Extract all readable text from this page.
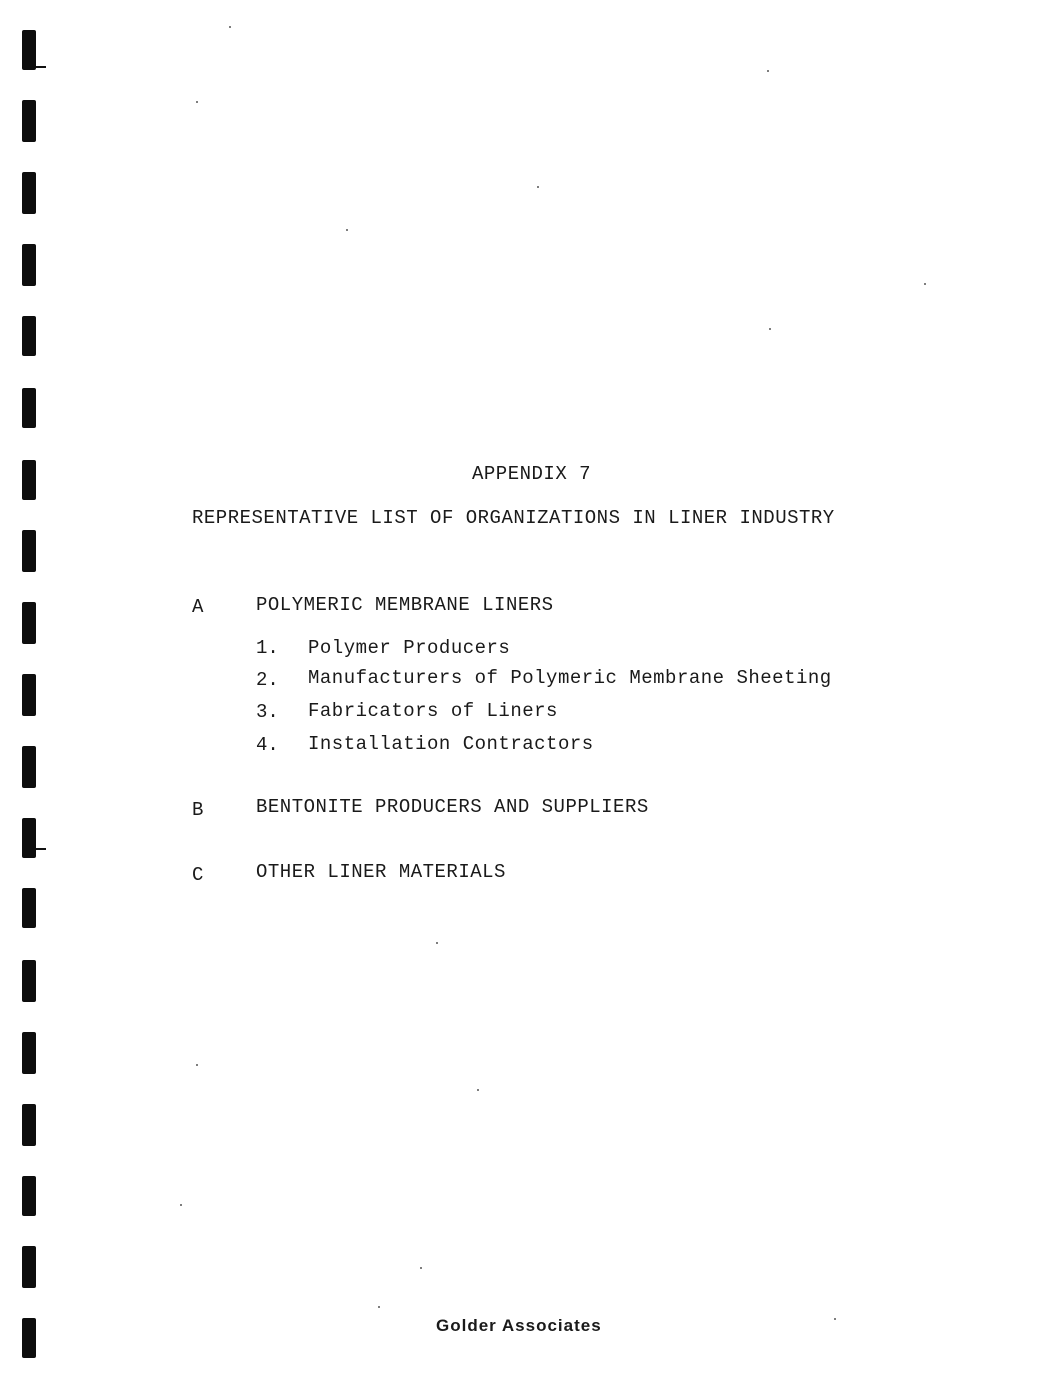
APPENDIX 7
REPRESENTATIVE LIST OF ORGANIZATIONS IN LINER INDUSTRY
A	POLYMERIC MEMBRANE LINERS
1. Polymer Producers
2. Manufacturers of Polymeric Membrane Sheeting
3. Fabricators of Liners
4. Installation Contractors
B	BENTONITE PRODUCERS AND SUPPLIERS
C	OTHER LINER MATERIALS
Golder Associates
